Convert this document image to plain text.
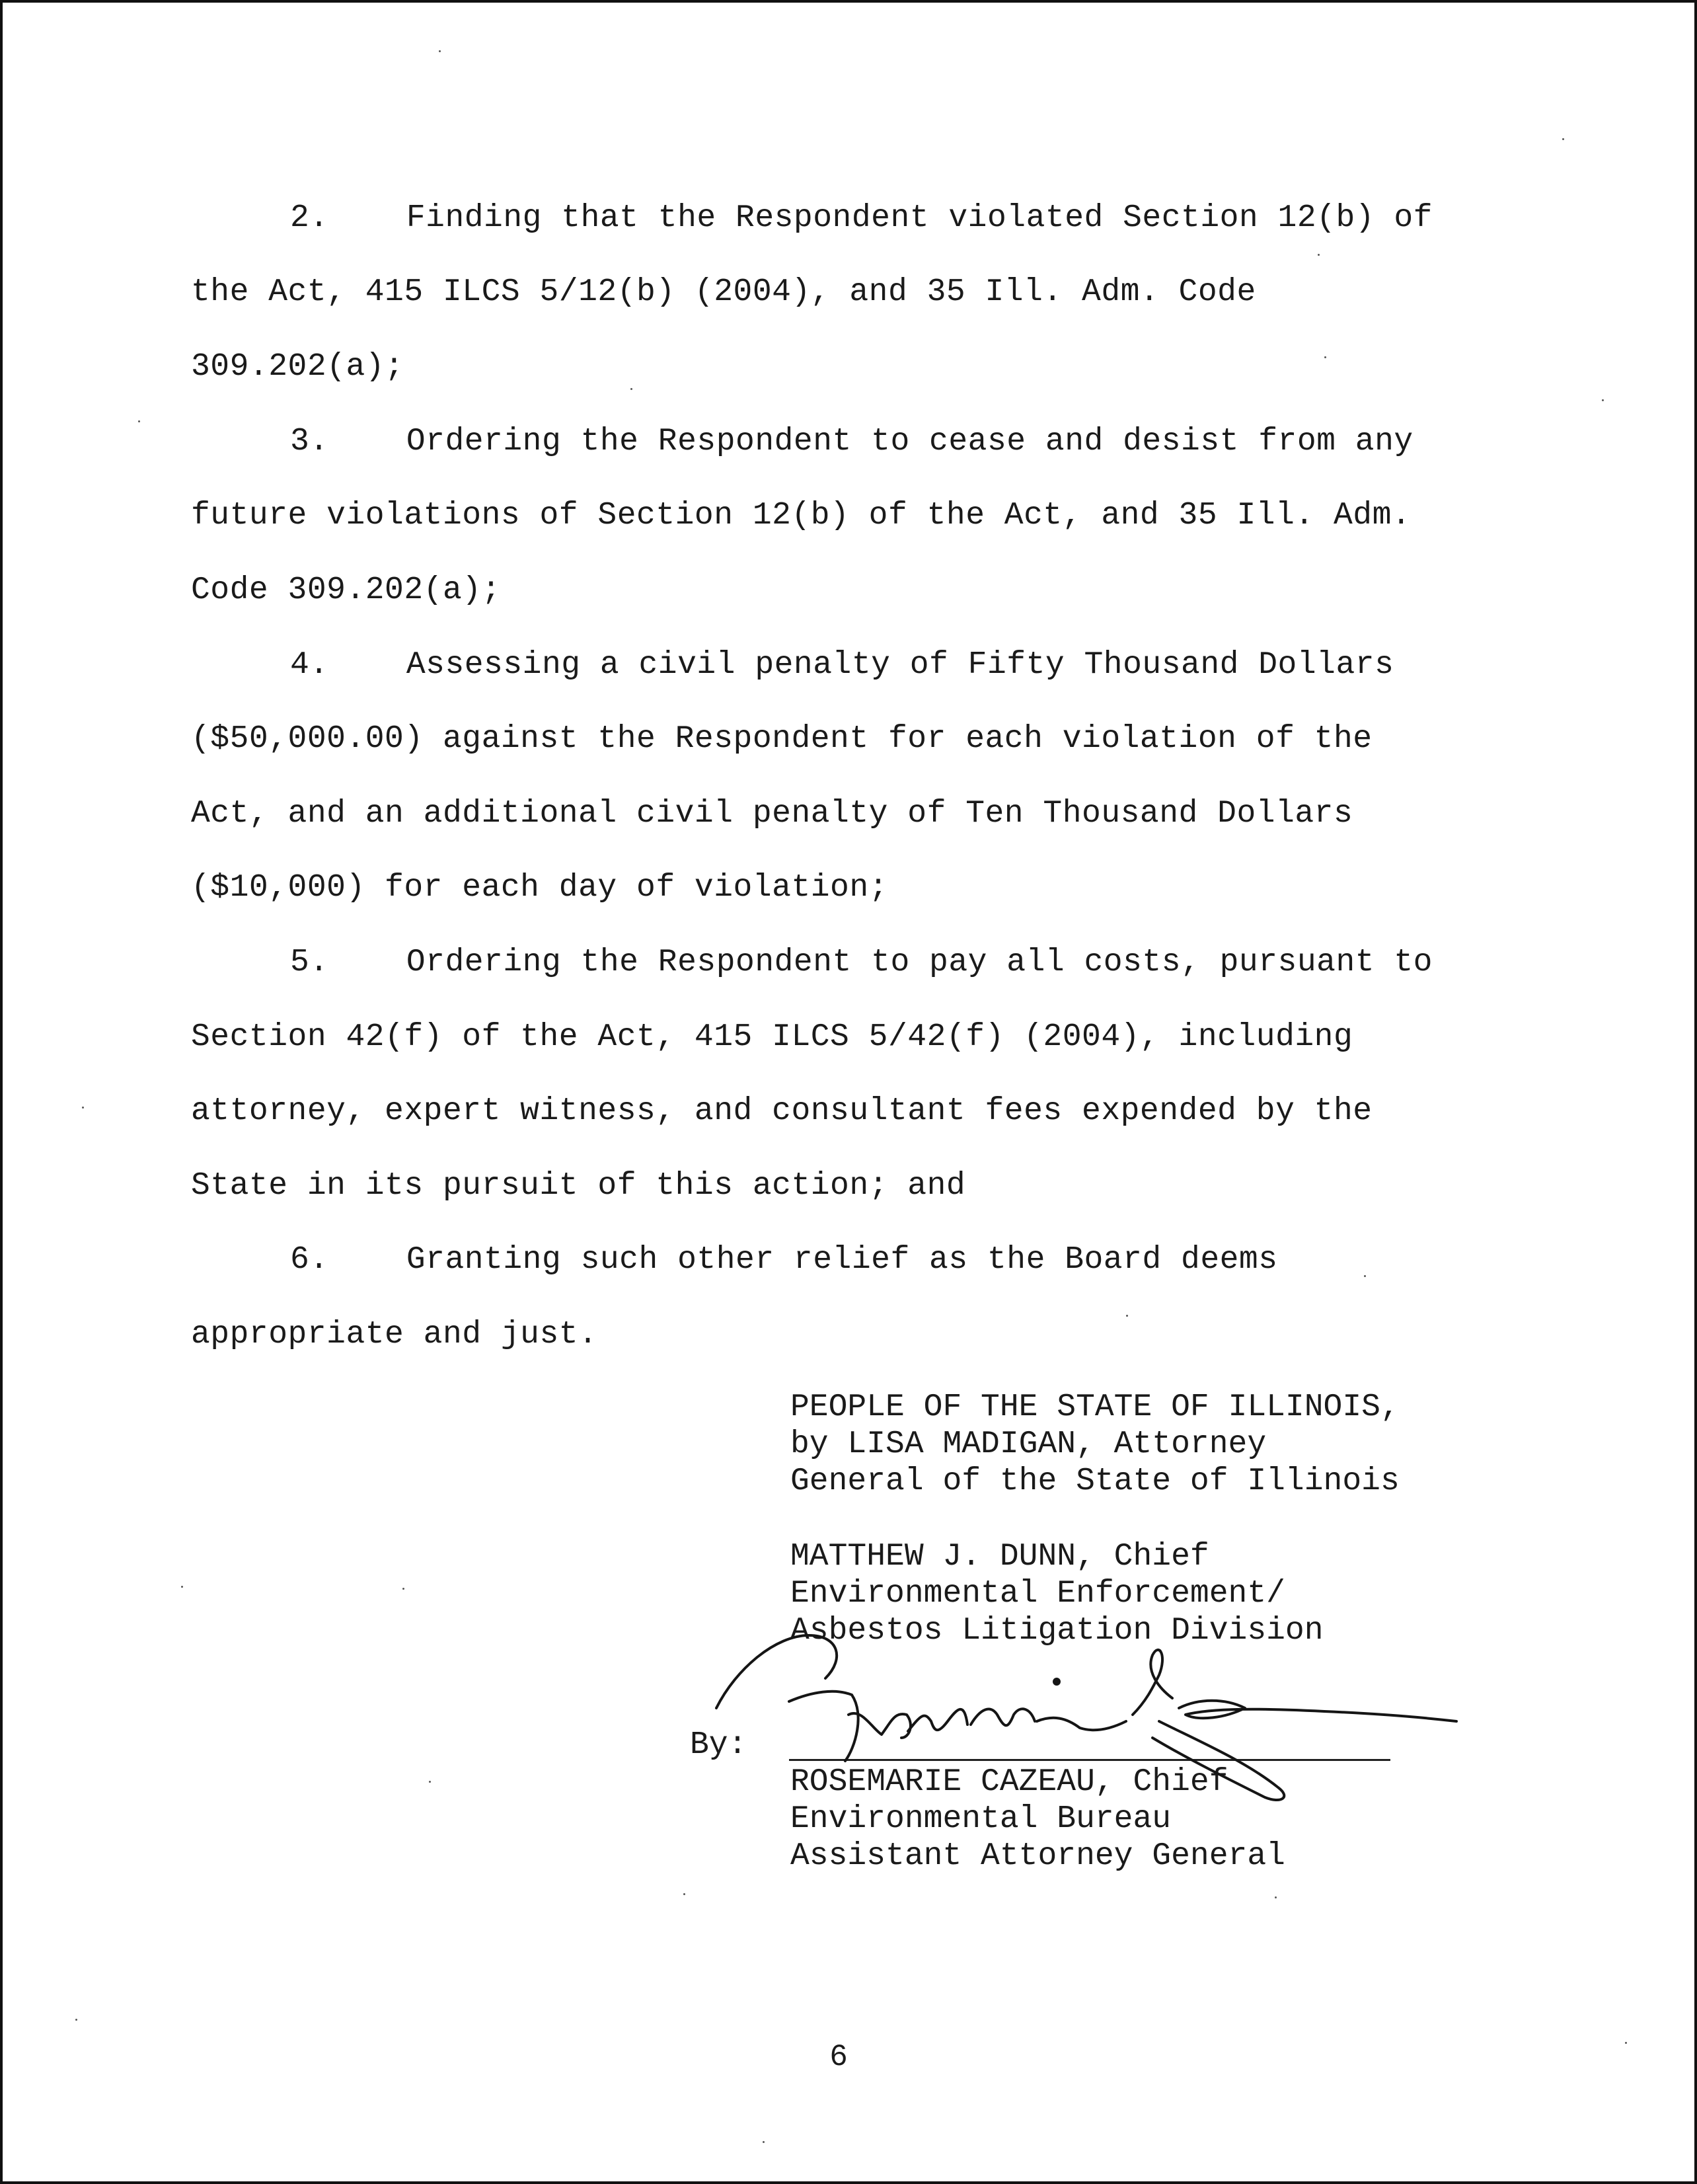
2.    Finding that the Respondent violated Section 12(b) of
the Act, 415 ILCS 5/12(b) (2004), and 35 Ill. Adm. Code
309.202(a);
3.    Ordering the Respondent to cease and desist from any
future violations of Section 12(b) of the Act, and 35 Ill. Adm.
Code 309.202(a);
4.    Assessing a civil penalty of Fifty Thousand Dollars
($50,000.00) against the Respondent for each violation of the
Act, and an additional civil penalty of Ten Thousand Dollars
($10,000) for each day of violation;
5.    Ordering the Respondent to pay all costs, pursuant to
Section 42(f) of the Act, 415 ILCS 5/42(f) (2004), including
attorney, expert witness, and consultant fees expended by the
State in its pursuit of this action; and
6.    Granting such other relief as the Board deems
appropriate and just.
PEOPLE OF THE STATE OF ILLINOIS,
by LISA MADIGAN, Attorney
General of the State of Illinois
MATTHEW J. DUNN, Chief
Environmental Enforcement/
Asbestos Litigation Division
By:
ROSEMARIE CAZEAU, Chief
Environmental Bureau
Assistant Attorney General
6
